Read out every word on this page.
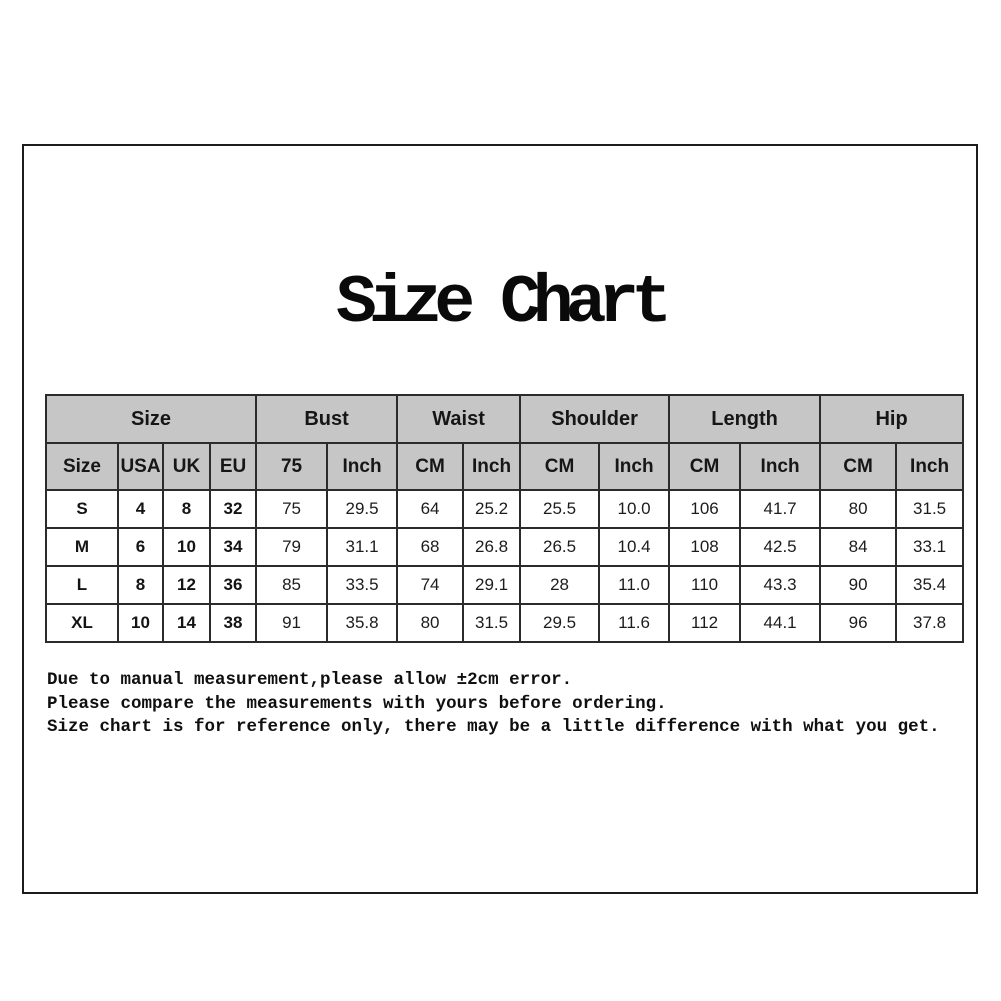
Size Chart
Size				Bust		Waist		Shoulder		Length		Hip	
Size	USA	UK	EU	75	Inch	CM	Inch	CM	Inch	CM	Inch	CM	Inch
S	4	8	32	75	29.5	64	25.2	25.5	10.0	106	41.7	80	31.5
M	6	10	34	79	31.1	68	26.8	26.5	10.4	108	42.5	84	33.1
L	8	12	36	85	33.5	74	29.1	28	11.0	110	43.3	90	35.4
XL	10	14	38	91	35.8	80	31.5	29.5	11.6	112	44.1	96	37.8

Due to manual measurement,please allow ±2cm error.

Please compare the measurements with yours before ordering.

Size chart is for reference only, there may be a little difference with what you get.
